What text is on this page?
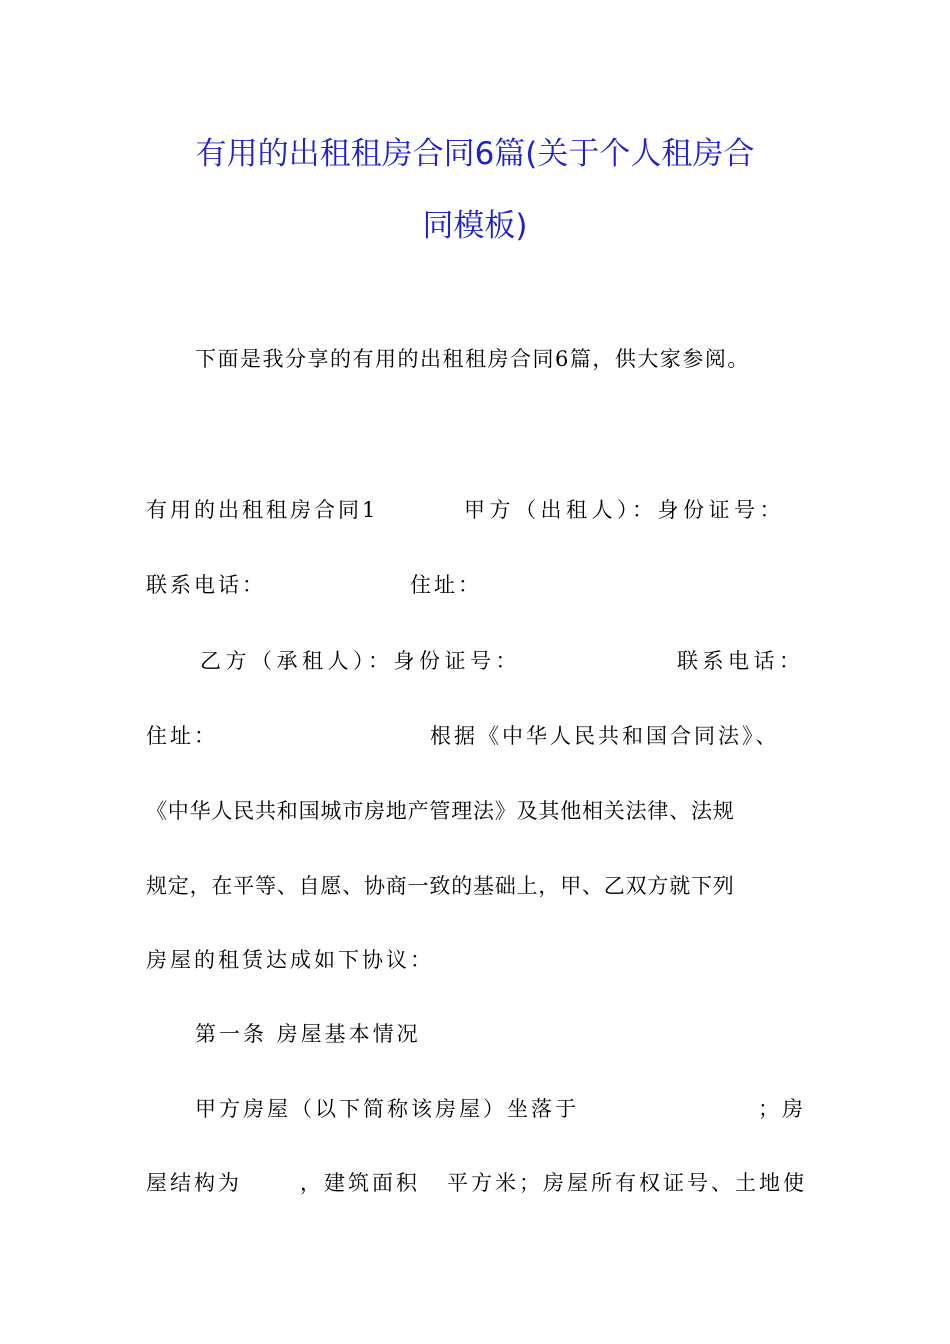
有用的出租租房合同6篇(关于个人租房合
同模板)
下面是我分享的有用的出租租房合同6篇，供大家参阅。
有用的出租租房合同1	甲方（出租人）：身份证号：
联系电话：	住址：
乙方（承租人）：身份证号：	联系电话：
住址：	根据《中华人民共和国合同法》、
《中华人民共和国城市房地产管理法》及其他相关法律、法规
规定，在平等、自愿、协商一致的基础上，甲、乙双方就下列
房屋的租赁达成如下协议：
第一条 房屋基本情况
甲方房屋（以下简称该房屋）坐落于	；房
屋结构为	，建筑面积 平方米；房屋所有权证号、土地使
